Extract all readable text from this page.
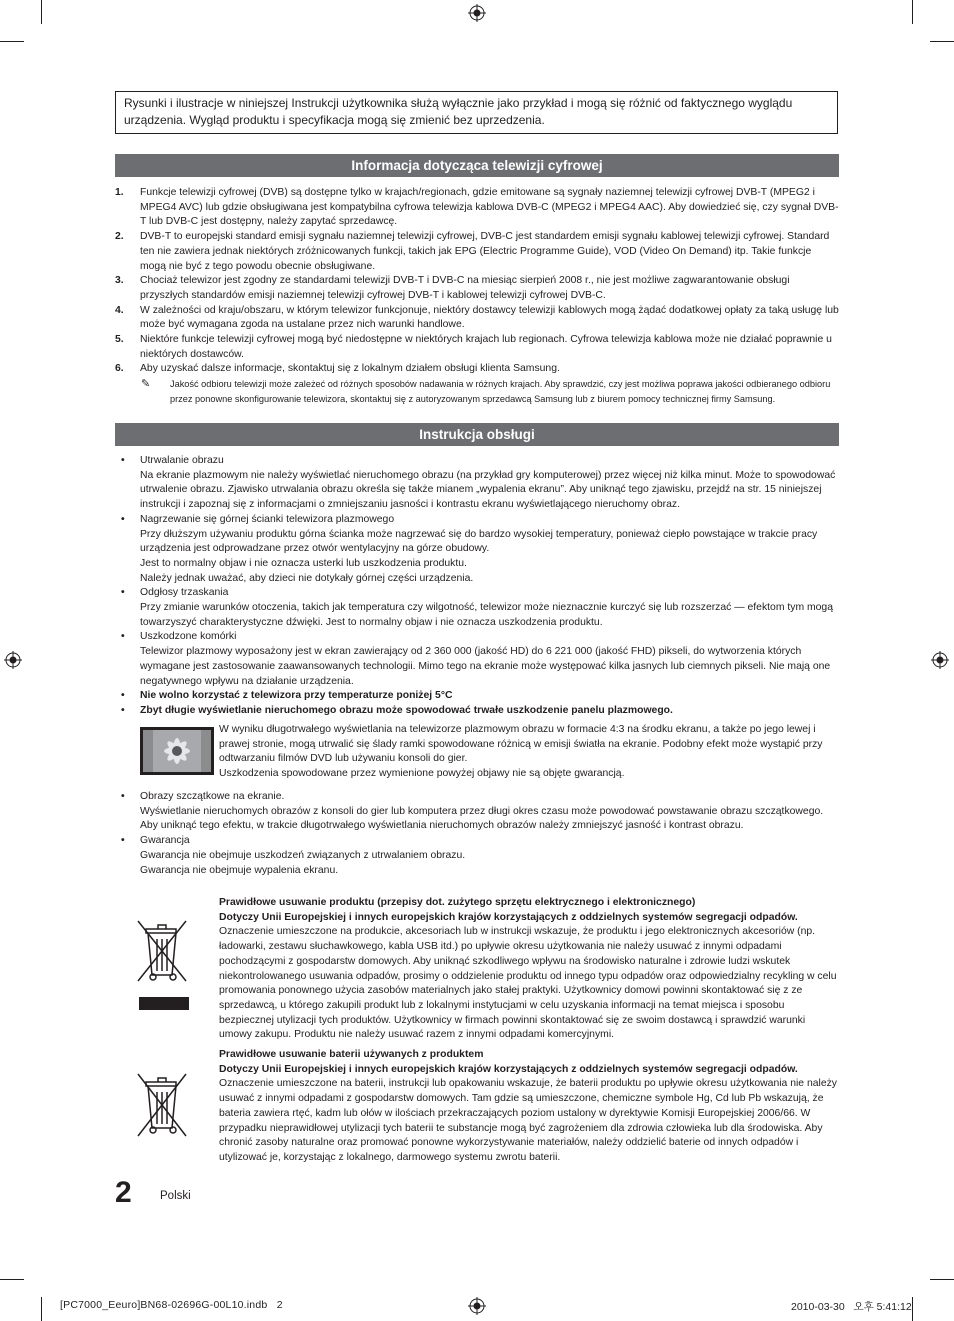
Rysunki i ilustracje w niniejszej Instrukcji użytkownika służą wyłącznie jako przykład i mogą się różnić od faktycznego wyglądu urządzenia. Wygląd produktu i specyfikacja mogą się zmienić bez uprzedzenia.
Informacja dotycząca telewizji cyfrowej
1. Funkcje telewizji cyfrowej (DVB) są dostępne tylko w krajach/regionach, gdzie emitowane są sygnały naziemnej telewizji cyfrowej DVB-T (MPEG2 i MPEG4 AVC) lub gdzie obsługiwana jest kompatybilna cyfrowa telewizja kablowa DVB-C (MPEG2 i MPEG4 AAC). Aby dowiedzieć się, czy sygnał DVB-T lub DVB-C jest dostępny, należy zapytać sprzedawcę.
2. DVB-T to europejski standard emisji sygnału naziemnej telewizji cyfrowej, DVB-C jest standardem emisji sygnału kablowej telewizji cyfrowej. Standard ten nie zawiera jednak niektórych zróżnicowanych funkcji, takich jak EPG (Electric Programme Guide), VOD (Video On Demand) itp. Takie funkcje mogą nie być z tego powodu obecnie obsługiwane.
3. Chociaż telewizor jest zgodny ze standardami telewizji DVB-T i DVB-C na miesiąc sierpień 2008 r., nie jest możliwe zagwarantowanie obsługi przyszłych standardów emisji naziemnej telewizji cyfrowej DVB-T i kablowej telewizji cyfrowej DVB-C.
4. W zależności od kraju/obszaru, w którym telewizor funkcjonuje, niektóry dostawcy telewizji kablowych mogą żądać dodatkowej opłaty za taką usługę lub może być wymagana zgoda na ustalane przez nich warunki handlowe.
5. Niektóre funkcje telewizji cyfrowej mogą być niedostępne w niektórych krajach lub regionach. Cyfrowa telewizja kablowa może nie działać poprawnie u niektórych dostawców.
6. Aby uzyskać dalsze informacje, skontaktuj się z lokalnym działem obsługi klienta Samsung.
✎ Jakość odbioru telewizji może zależeć od różnych sposobów nadawania w różnych krajach. Aby sprawdzić, czy jest możliwa poprawa jakości odbieranego odbioru przez ponowne skonfigurowanie telewizora, skontaktuj się z autoryzowanym sprzedawcą Samsung lub z biurem pomocy technicznej firmy Samsung.
Instrukcja obsługi
• Utrwalanie obrazu
Na ekranie plazmowym nie należy wyświetlać nieruchomego obrazu (na przykład gry komputerowej) przez więcej niż kilka minut. Może to spowodować utrwalenie obrazu. Zjawisko utrwalania obrazu określa się także mianem „wypalenia ekranu”. Aby uniknąć tego zjawisku, przejdź na str. 15 niniejszej instrukcji i zapoznaj się z informacjami o zmniejszaniu jasności i kontrastu ekranu wyświetlającego nieruchomy obraz.
• Nagrzewanie się górnej ścianki telewizora plazmowego
Przy dłuższym używaniu produktu górna ścianka może nagrzewać się do bardzo wysokiej temperatury, ponieważ ciepło powstające w trakcie pracy urządzenia jest odprowadzane przez otwór wentylacyjny na górze obudowy.
Jest to normalny objaw i nie oznacza usterki lub uszkodzenia produktu.
Należy jednak uważać, aby dzieci nie dotykały górnej części urządzenia.
• Odgłosy trzaskania
Przy zmianie warunków otoczenia, takich jak temperatura czy wilgotność, telewizor może nieznacznie kurczyć się lub rozszerzać — efektom tym mogą towarzyszyć charakterystyczne dźwięki. Jest to normalny objaw i nie oznacza uszkodzenia produktu.
• Uszkodzone komórki
Telewizor plazmowy wyposażony jest w ekran zawierający od 2 360 000 (jakość HD) do 6 221 000 (jakość FHD) pikseli, do wytworzenia których wymagane jest zastosowanie zaawansowanych technologii. Mimo tego na ekranie może występować kilka jasnych lub ciemnych pikseli. Nie mają one negatywnego wpływu na działanie urządzenia.
• Nie wolno korzystać z telewizora przy temperaturze poniżej 5°C
• Zbyt długie wyświetlanie nieruchomego obrazu może spowodować trwałe uszkodzenie panelu plazmowego.
W wyniku długotrwałego wyświetlania na telewizorze plazmowym obrazu w formacie 4:3 na środku ekranu, a także po jego lewej i prawej stronie, mogą utrwalić się ślady ramki spowodowane różnicą w emisji światła na ekranie. Podobny efekt może wystąpić przy odtwarzaniu filmów DVD lub używaniu konsoli do gier.
Uszkodzenia spowodowane przez wymienione powyżej objawy nie są objęte gwarancją.
• Obrazy szczątkowe na ekranie.
Wyświetlanie nieruchomych obrazów z konsoli do gier lub komputera przez długi okres czasu może powodować powstawanie obrazu szczątkowego. Aby uniknąć tego efektu, w trakcie długotrwałego wyświetlania nieruchomych obrazów należy zmniejszyć jasność i kontrast obrazu.
• Gwarancja
Gwarancja nie obejmuje uszkodzeń związanych z utrwalaniem obrazu.
Gwarancja nie obejmuje wypalenia ekranu.
Prawidłowe usuwanie produktu (przepisy dot. zużytego sprzętu elektrycznego i elektronicznego)
Dotyczy Unii Europejskiej i innych europejskich krajów korzystających z oddzielnych systemów segregacji odpadów.
Oznaczenie umieszczone na produkcie, akcesoriach lub w instrukcji wskazuje, że produktu i jego elektronicznych akcesoriów (np. ładowarki, zestawu słuchawkowego, kabla USB itd.) po upływie okresu użytkowania nie należy usuwać z innymi odpadami pochodzącymi z gospodarstw domowych. Aby uniknąć szkodliwego wpływu na środowisko naturalne i zdrowie ludzi wskutek niekontrolowanego usuwania odpadów, prosimy o oddzielenie produktu od innego typu odpadów oraz odpowiedzialny recykling w celu promowania ponownego użycia zasobów materialnych jako stałej praktyki. Użytkownicy domowi powinni skontaktować się z ze sprzedawcą, u którego zakupili produkt lub z lokalnymi instytucjami w celu uzyskania informacji na temat miejsca i sposobu bezpiecznej utylizacji tych produktów. Użytkownicy w firmach powinni skontaktować się ze swoim dostawcą i sprawdzić warunki umowy zakupu. Produktu nie należy usuwać razem z innymi odpadami komercyjnymi.
Prawidłowe usuwanie baterii używanych z produktem
Dotyczy Unii Europejskiej i innych europejskich krajów korzystających z oddzielnych systemów segregacji odpadów.
Oznaczenie umieszczone na baterii, instrukcji lub opakowaniu wskazuje, że baterii produktu po upływie okresu użytkowania nie należy usuwać z innymi odpadami z gospodarstw domowych. Tam gdzie są umieszczone, chemiczne symbole Hg, Cd lub Pb wskazują, że bateria zawiera rtęć, kadm lub ołów w ilościach przekraczających poziom ustalony w dyrektywie Komisji Europejskiej 2006/66. W przypadku nieprawidłowej utylizacji tych baterii te substancje mogą być zagrożeniem dla zdrowia człowieka lub dla środowiska. Aby chronić zasoby naturalne oraz promować ponowne wykorzystywanie materiałów, należy oddzielić baterie od innych odpadów i utylizować je, korzystając z lokalnego, darmowego systemu zwrotu baterii.
2 Polski
[PC7000_Eeuro]BN68-02696G-00L10.indb   2	2010-03-30   오후 5:41:12
